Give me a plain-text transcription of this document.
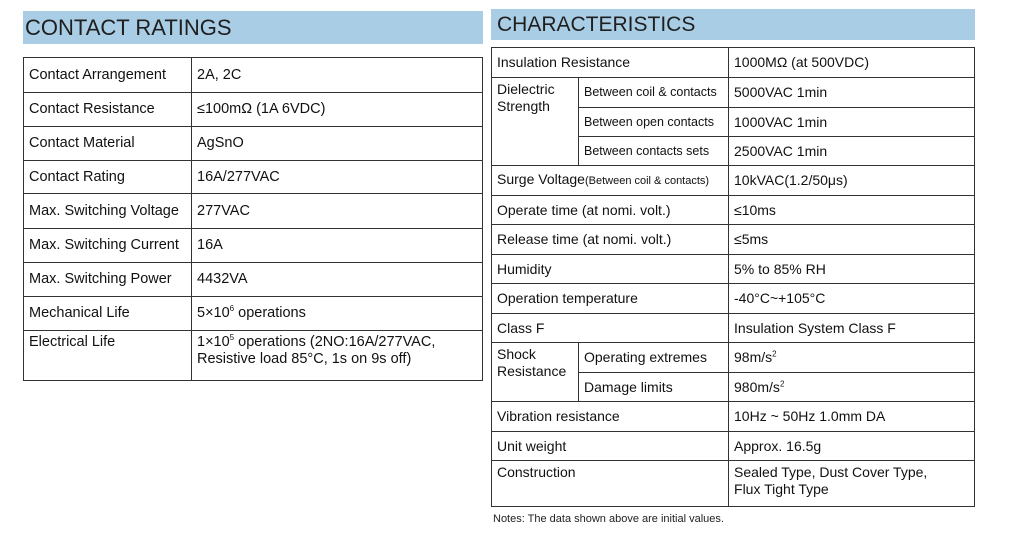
CONTACT RATINGS
Contact Arrangement	2A, 2C
Contact Resistance	≤100mΩ (1A 6VDC)
Contact Material	AgSnO
Contact Rating	16A/277VAC
Max. Switching Voltage	277VAC
Max. Switching Current	16A
Max. Switching Power	4432VA
Mechanical Life	$5\times 10^6$ operations
Electrical Life	$1\times 10^5$ operations (2NO:16A/277VAC,
Resistive load 85°C, 1s on 9s off)
CHARACTERISTICS
Insulation Resistance		1000MΩ (at 500VDC)
Dielectric
Strength	Between coil & contacts	5000VAC 1min
	Between open contacts	1000VAC 1min
	Between contacts sets	2500VAC 1min
Surge Voltage(Between coil & contacts)		10kVAC(1.2/50μs)
Operate time (at nomi. volt.)		≤10ms
Release time (at nomi. volt.)		≤5ms
Humidity		5% to 85% RH
Operation temperature		-40°C~+105°C
Class F		Insulation System Class F
Shock
Resistance	Operating extremes	$98m/s^2$
	Damage limits	$980m/s^2$
Vibration resistance		10Hz ~ 50Hz 1.0mm DA
Unit weight		Approx. 16.5g
Construction		Sealed Type, Dust Cover Type,
Flux Tight Type
Notes: The data shown above are initial values.
